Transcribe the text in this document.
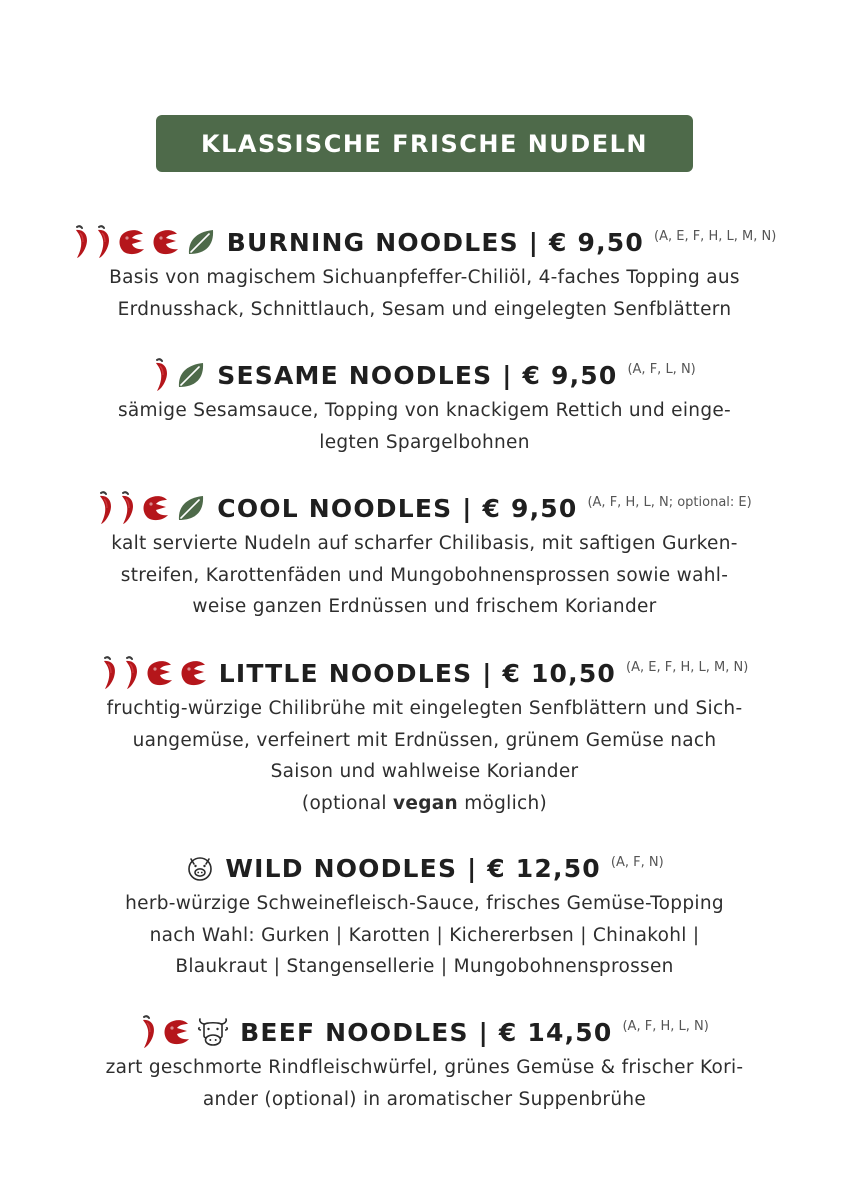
KLASSISCHE FRISCHE NUDELN
BURNING NOODLES | € 9,50 (A, E, F, H, L, M, N)
Basis von magischem Sichuanpfeffer-Chiliöl, 4-faches Topping aus
Erdnusshack, Schnittlauch, Sesam und eingelegten Senfblättern
SESAME NOODLES | € 9,50 (A, F, L, N)
sämige Sesamsauce, Topping von knackigem Rettich und einge-
legten Spargelbohnen
COOL NOODLES | € 9,50 (A, F, H, L, N; optional: E)
kalt servierte Nudeln auf scharfer Chilibasis, mit saftigen Gurken-
streifen, Karottenfäden und Mungobohnensprossen sowie wahl-
weise ganzen Erdnüssen und frischem Koriander
LITTLE NOODLES | € 10,50 (A, E, F, H, L, M, N)
fruchtig-würzige Chilibrühe mit eingelegten Senfblättern und Sich-
uangemüse, verfeinert mit Erdnüssen, grünem Gemüse nach
Saison und wahlweise Koriander
(optional vegan möglich)
WILD NOODLES | € 12,50 (A, F, N)
herb-würzige Schweinefleisch-Sauce, frisches Gemüse-Topping
nach Wahl: Gurken | Karotten | Kichererbsen | Chinakohl |
Blaukraut | Stangensellerie | Mungobohnensprossen
BEEF NOODLES | € 14,50 (A, F, H, L, N)
zart geschmorte Rindfleischwürfel, grünes Gemüse & frischer Kori-
ander (optional) in aromatischer Suppenbrühe
